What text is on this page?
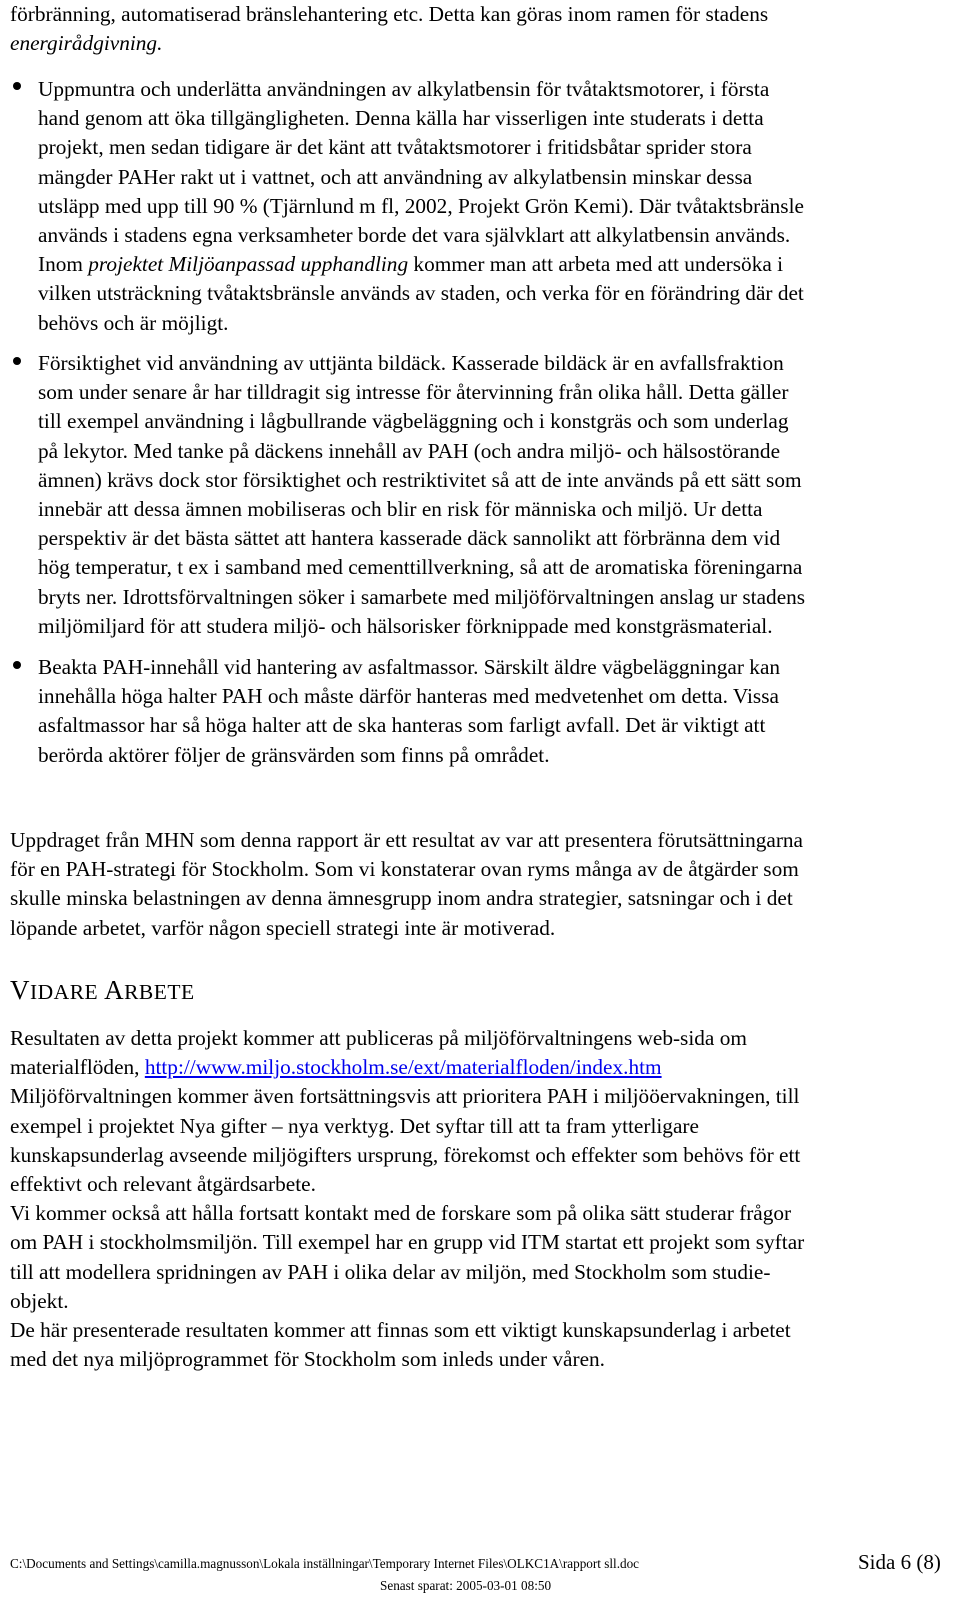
förbränning, automatiserad bränslehantering etc. Detta kan göras inom ramen för stadens
energirådgivning.
Uppmuntra och underlätta användningen av alkylatbensin för tvåtaktsmotorer, i första
hand genom att öka tillgängligheten. Denna källa har visserligen inte studerats i detta
projekt, men sedan tidigare är det känt att tvåtaktsmotorer i fritidsbåtar sprider stora
mängder PAHer rakt ut i vattnet, och att användning av alkylatbensin minskar dessa
utsläpp med upp till 90 % (Tjärnlund m fl, 2002, Projekt Grön Kemi). Där tvåtaktsbränsle
används i stadens egna verksamheter borde det vara självklart att alkylatbensin används.
Inom projektet Miljöanpassad upphandling kommer man att arbeta med att undersöka i
vilken utsträckning tvåtaktsbränsle används av staden, och verka för en förändring där det
behövs och är möjligt.
Försiktighet vid användning av uttjänta bildäck. Kasserade bildäck är en avfallsfraktion
som under senare år har tilldragit sig intresse för återvinning från olika håll. Detta gäller
till exempel användning i lågbullrande vägbeläggning och i konstgräs och som underlag
på lekytor. Med tanke på däckens innehåll av PAH (och andra miljö- och hälsostörande
ämnen) krävs dock stor försiktighet och restriktivitet så att de inte används på ett sätt som
innebär att dessa ämnen mobiliseras och blir en risk för människa och miljö. Ur detta
perspektiv är det bästa sättet att hantera kasserade däck sannolikt att förbränna dem vid
hög temperatur, t ex i samband med cementtillverkning, så att de aromatiska föreningarna
bryts ner. Idrottsförvaltningen söker i samarbete med miljöförvaltningen anslag ur stadens
miljömiljard för att studera miljö- och hälsorisker förknippade med konstgräsmaterial.
Beakta PAH-innehåll vid hantering av asfaltmassor. Särskilt äldre vägbeläggningar kan
innehålla höga halter PAH och måste därför hanteras med medvetenhet om detta. Vissa
asfaltmassor har så höga halter att de ska hanteras som farligt avfall. Det är viktigt att
berörda aktörer följer de gränsvärden som finns på området.
Uppdraget från MHN som denna rapport är ett resultat av var att presentera förutsättningarna
för en PAH-strategi för Stockholm. Som vi konstaterar ovan ryms många av de åtgärder som
skulle minska belastningen av denna ämnesgrupp inom andra strategier, satsningar och i det
löpande arbetet, varför någon speciell strategi inte är motiverad.
VIDARE ARBETE
Resultaten av detta projekt kommer att publiceras på miljöförvaltningens web-sida om
materialflöden, http://www.miljo.stockholm.se/ext/materialfloden/index.htm
Miljöförvaltningen kommer även fortsättningsvis att prioritera PAH i miljööervakningen, till
exempel i projektet Nya gifter – nya verktyg. Det syftar till att ta fram ytterligare
kunskapsunderlag avseende miljögifters ursprung, förekomst och effekter som behövs för ett
effektivt och relevant åtgärdsarbete.
Vi kommer också att hålla fortsatt kontakt med de forskare som på olika sätt studerar frågor
om PAH i stockholmsmiljön. Till exempel har en grupp vid ITM startat ett projekt som syftar
till att modellera spridningen av PAH i olika delar av miljön, med Stockholm som studie-
objekt.
De här presenterade resultaten kommer att finnas som ett viktigt kunskapsunderlag i arbetet
med det nya miljöprogrammet för Stockholm som inleds under våren.
C:\Documents and Settings\camilla.magnusson\Lokala inställningar\Temporary Internet Files\OLKC1A\rapport sll.doc	Sida 6 (8)
Senast sparat: 2005-03-01 08:50
